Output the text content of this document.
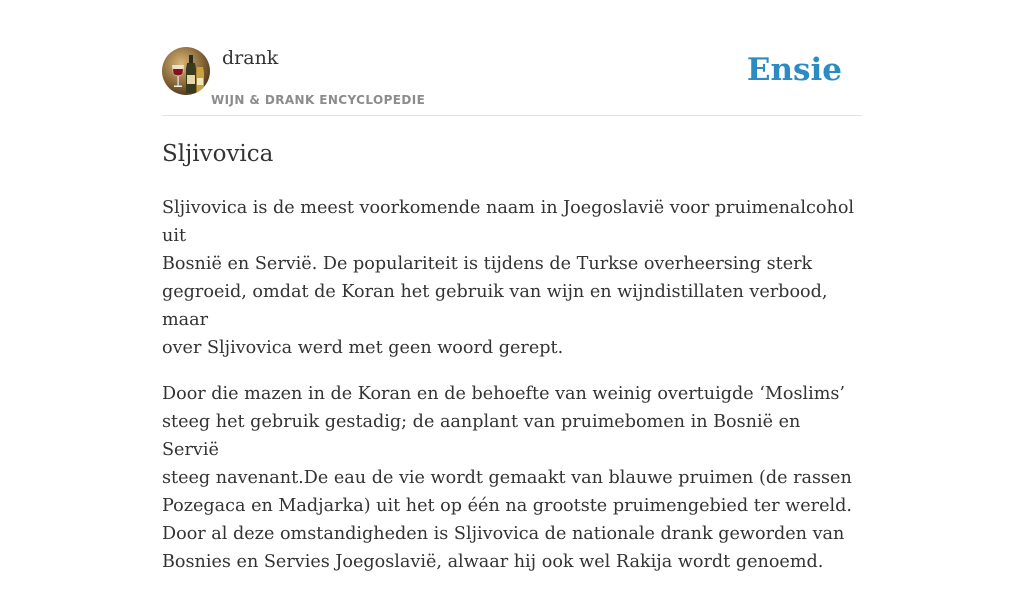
drank
WIJN & DRANK ENCYCLOPEDIE
Ensie
Sljivovica

Sljivovica is de meest voorkomende naam in Joegoslavië voor pruimenalcohol uit
Bosnië en Servië. De populariteit is tijdens de Turkse overheersing sterk
gegroeid, omdat de Koran het gebruik van wijn en wijndistillaten verbood, maar
over Sljivovica werd met geen woord gerept.

Door die mazen in de Koran en de behoefte van weinig overtuigde ‘Moslims’
steeg het gebruik gestadig; de aanplant van pruimebomen in Bosnië en Servië
steeg navenant.De eau de vie wordt gemaakt van blauwe pruimen (de rassen
Pozegaca en Madjarka) uit het op één na grootste pruimengebied ter wereld.
Door al deze omstandigheden is Sljivovica de nationale drank geworden van
Bosnies en Servies Joegoslavië, alwaar hij ook wel Rakija wordt genoemd.
